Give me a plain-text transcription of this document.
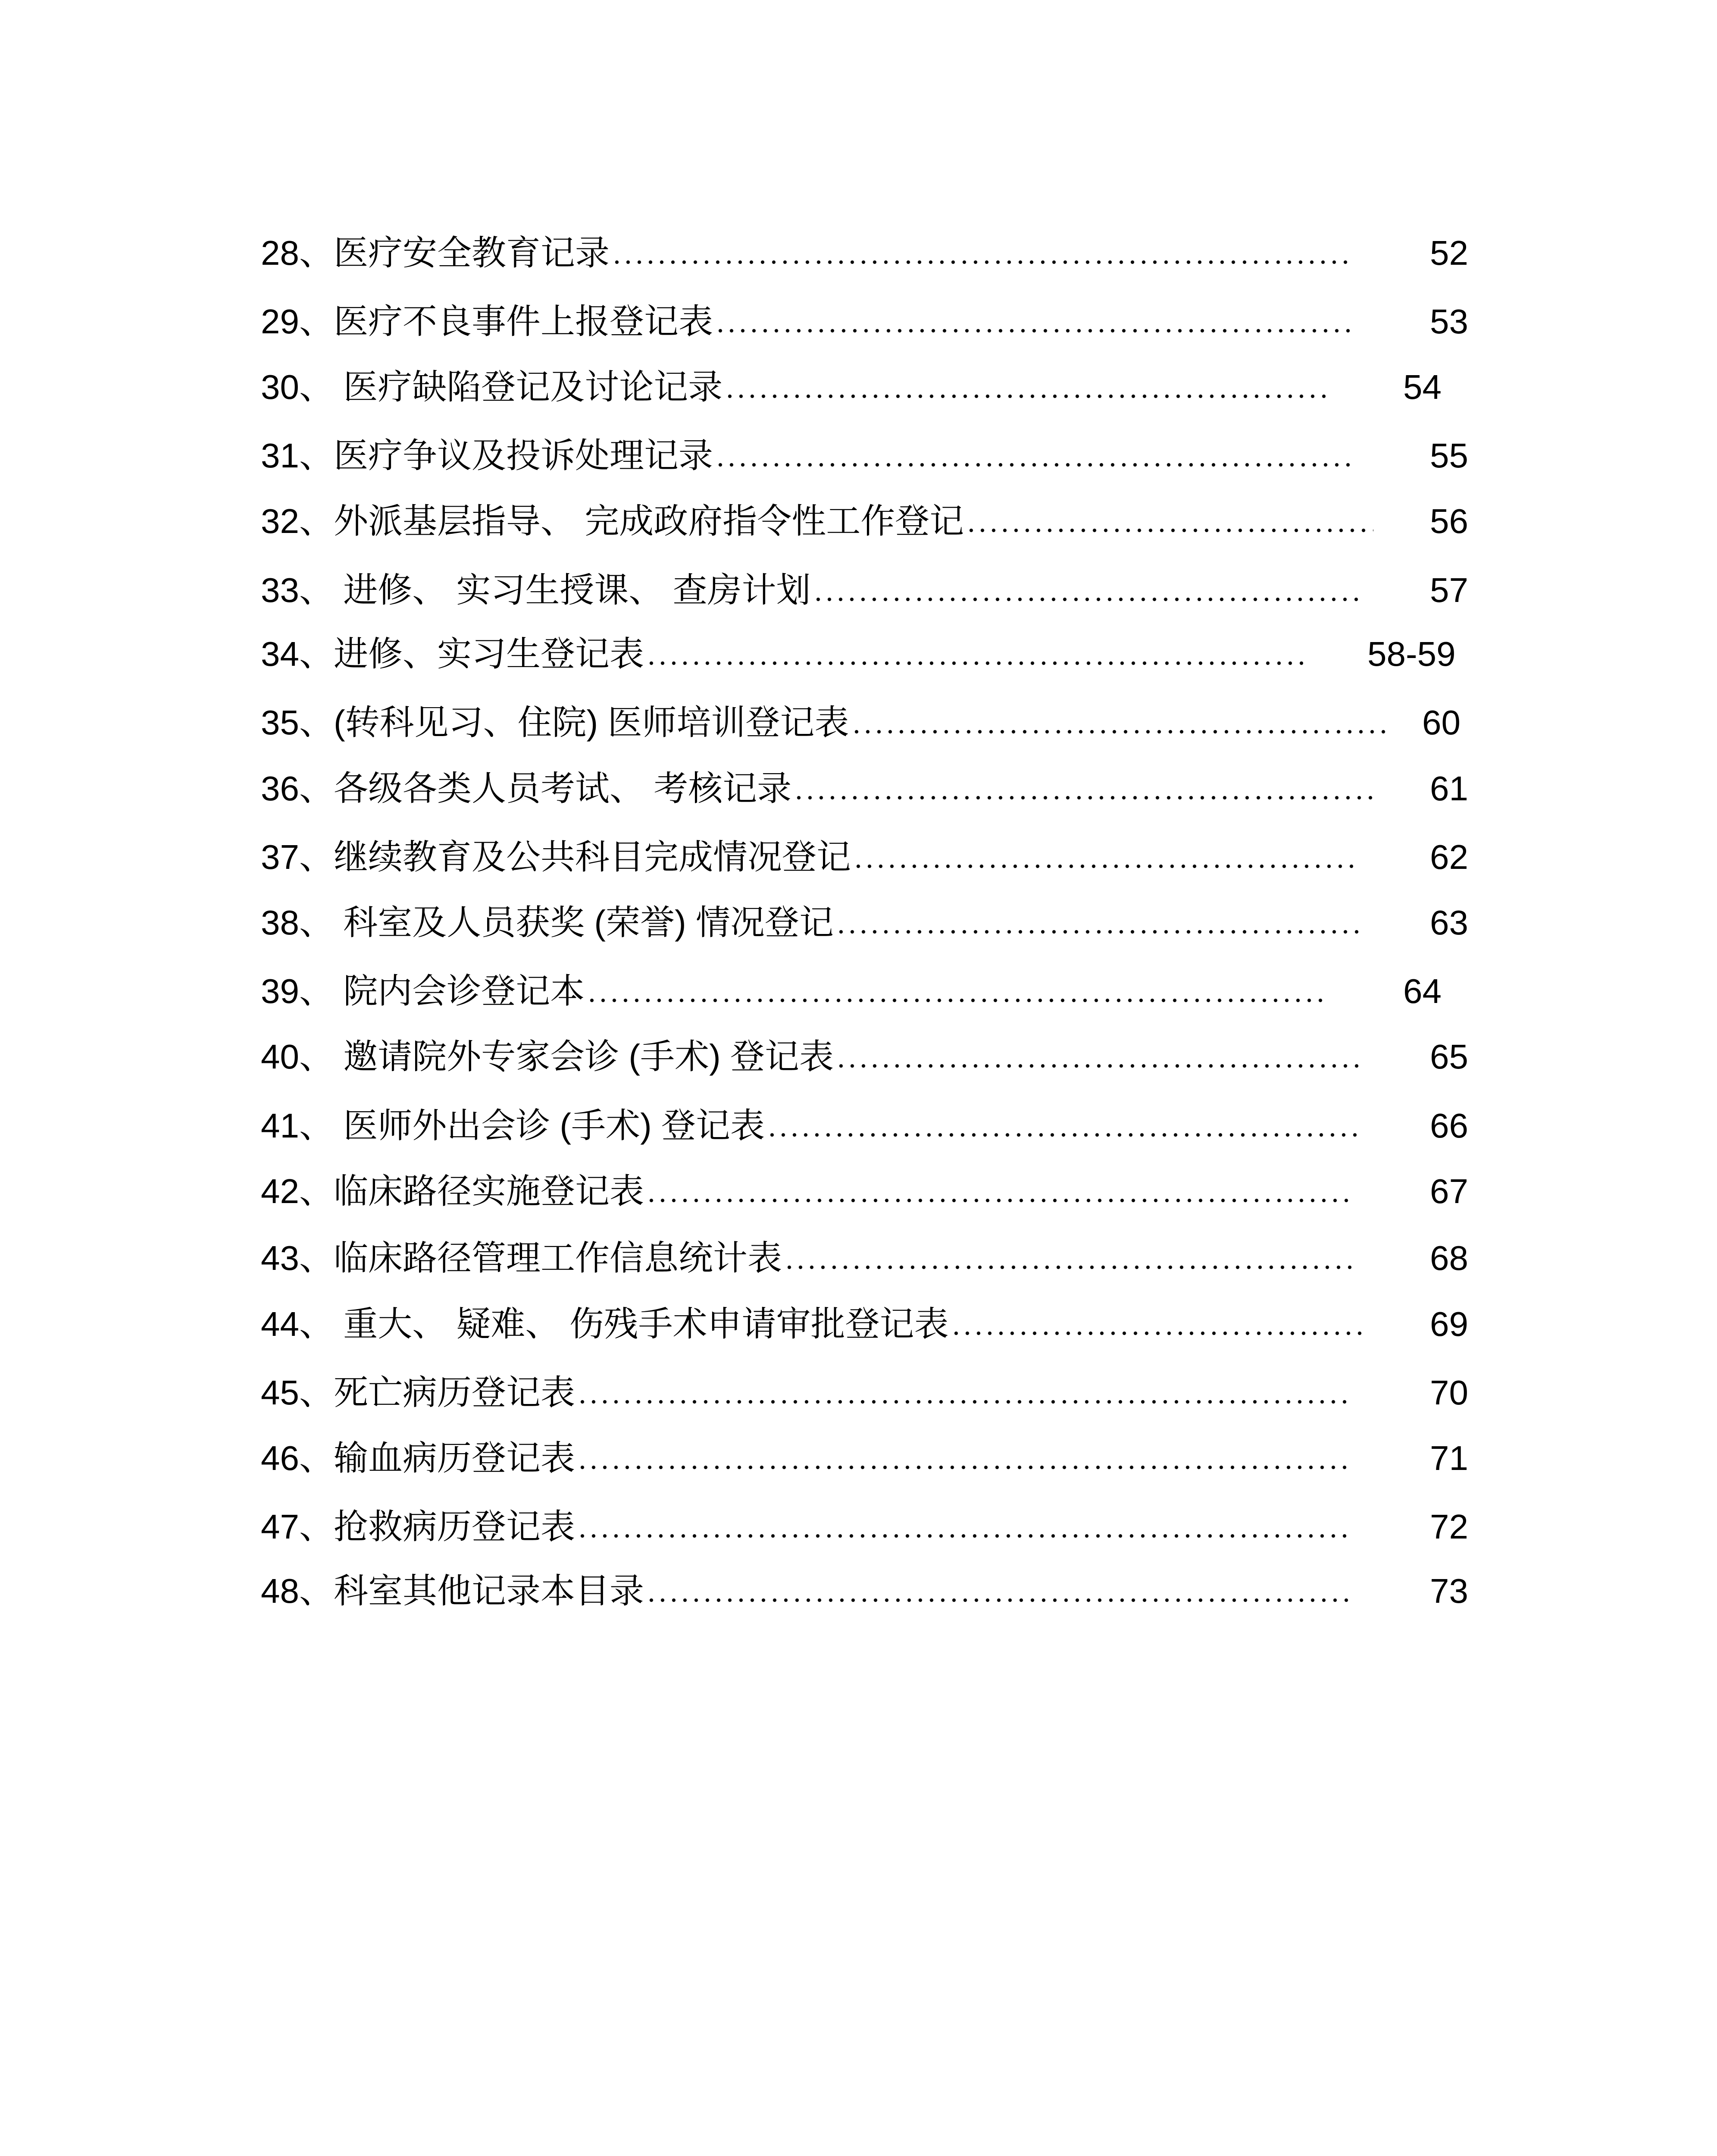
28、医疗安全教育记录	52
29、医疗不良事件上报登记表	53
30、 医疗缺陷登记及讨论记录	54
31、医疗争议及投诉处理记录	55
32、外派基层指导、 完成政府指令性工作登记	56
33、 进修、 实习生授课、 查房计划	57
34、进修、实习生登记表	58-59
35、(转科见习、住院) 医师培训登记表	60
36、各级各类人员考试、 考核记录	61
37、继续教育及公共科目完成情况登记	62
38、 科室及人员获奖 (荣誉) 情况登记	63
39、 院内会诊登记本	64
40、 邀请院外专家会诊 (手术) 登记表	65
41、 医师外出会诊 (手术) 登记表	66
42、临床路径实施登记表	67
43、临床路径管理工作信息统计表	68
44、 重大、 疑难、 伤残手术申请审批登记表	69
45、死亡病历登记表	70
46、输血病历登记表	71
47、抢救病历登记表	72
48、科室其他记录本目录	73
